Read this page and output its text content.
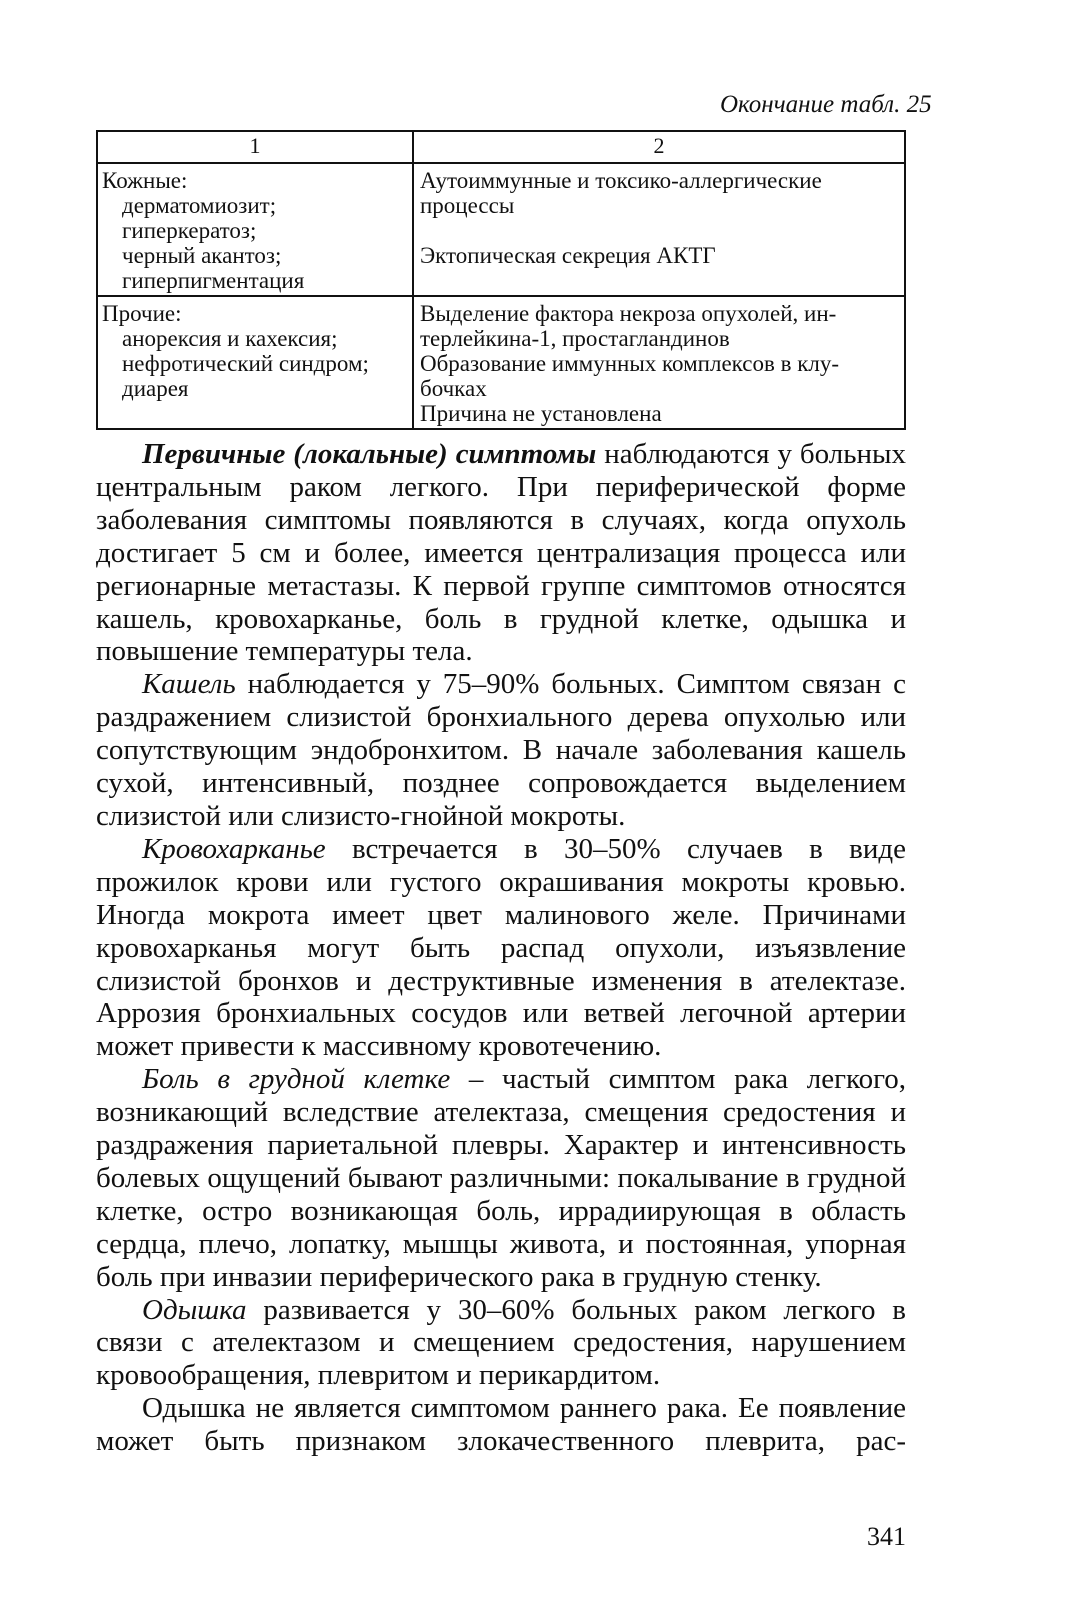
Окончание табл. 25
1	2

Кожные:
дерматомиозит;
гиперкератоз;
черный акантоз;
гиперпигментация	Аутоиммунные и токсико-аллергические
процессы
Эктопическая секреция АКТГ

Прочие:
анорексия и кахексия;
нефротический синдром;
диарея	Выделение фактора некроза опухолей, ин-
терлейкина-1, простагландинов
Образование иммунных комплексов в клу-
бочках
Причина не установлена

Первичные (локальные) симптомы наблюдаются у больных центральным раком легкого. При периферической форме заболевания симптомы появляются в случаях, когда опухоль достигает 5 см и более, имеется централизация процесса или регионарные метастазы. К первой группе симптомов относятся кашель, кровохарканье, боль в грудной клетке, одышка и повышение температуры тела.

Кашель наблюдается у 75–90% больных. Симптом связан с раздражением слизистой бронхиального дерева опухолью или сопутствующим эндобронхитом. В начале заболевания кашель сухой, интенсивный, позднее сопровождается выделением слизистой или слизисто-гнойной мокроты.

Кровохарканье встречается в 30–50% случаев в виде прожилок крови или густого окрашивания мокроты кровью. Иногда мокрота имеет цвет малинового желе. Причинами кровохарканья могут быть распад опухоли, изъязвление слизистой бронхов и деструктивные изменения в ателектазе. Аррозия бронхиальных сосудов или ветвей легочной артерии может привести к массивному кровотечению.

Боль в грудной клетке – частый симптом рака легкого, возникающий вследствие ателектаза, смещения средостения и раздражения париетальной плевры. Характер и интенсивность болевых ощущений бывают различными: покалывание в грудной клетке, остро возникающая боль, иррадиирующая в область сердца, плечо, лопатку, мышцы живота, и постоянная, упорная боль при инвазии периферического рака в грудную стенку.

Одышка развивается у 30–60% больных раком легкого в связи с ателектазом и смещением средостения, нарушением кровообращения, плевритом и перикардитом.

Одышка не является симптомом раннего рака. Ее появление может быть признаком злокачественного плеврита, рас-

341
